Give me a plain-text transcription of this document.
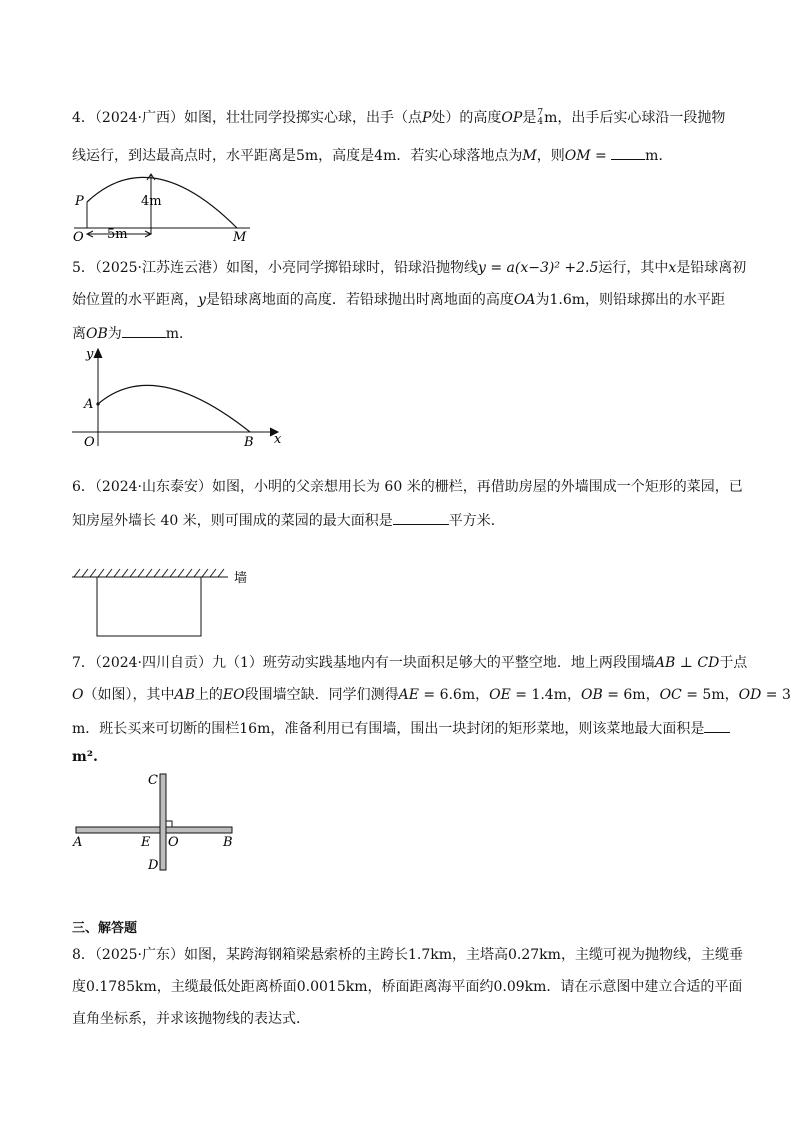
4．（2024·广西）如图，壮壮同学投掷实心球，出手（点P处）的高度OP是 7
4 m，出手后实心球沿一段抛物
线运行，到达最高点时，水平距离是5m，高度是4m．若实心球落地点为M，则OM = m．
P
O	M
4m
5m
5．（2025·江苏连云港）如图，小亮同学掷铅球时，铅球沿抛物线y = a(x−3)² +2.5运行，其中x是铅球离初
始位置的水平距离，y是铅球离地面的高度．若铅球抛出时离地面的高度OA为1.6m，则铅球掷出的水平距
离OB为	m．
y
x
A
O	B
6．（2024·山东泰安）如图，小明的父亲想用长为 60 米的栅栏，再借助房屋的外墙围成一个矩形的菜园，已
知房屋外墙长 40 米，则可围成的菜园的最大面积是	平方米．
墙
7．（2024·四川自贡）九（1）班劳动实践基地内有一块面积足够大的平整空地．地上两段围墙AB ⊥ CD于点
O（如图），其中AB上的EO段围墙空缺．同学们测得AE = 6.6m，OE = 1.4m，OB = 6m，OC = 5m，OD = 3
m．班长买来可切断的围栏16m，准备利用已有围墙，围出一块封闭的矩形菜地，则该菜地最大面积是
m².
C
D
A	E O	B
三、解答题
8．（2025·广东）如图，某跨海钢箱梁悬索桥的主跨长1.7km，主塔高0.27km，主缆可视为抛物线，主缆垂
度0.1785km，主缆最低处距离桥面0.0015km，桥面距离海平面约0.09km．请在示意图中建立合适的平面
直角坐标系，并求该抛物线的表达式．
